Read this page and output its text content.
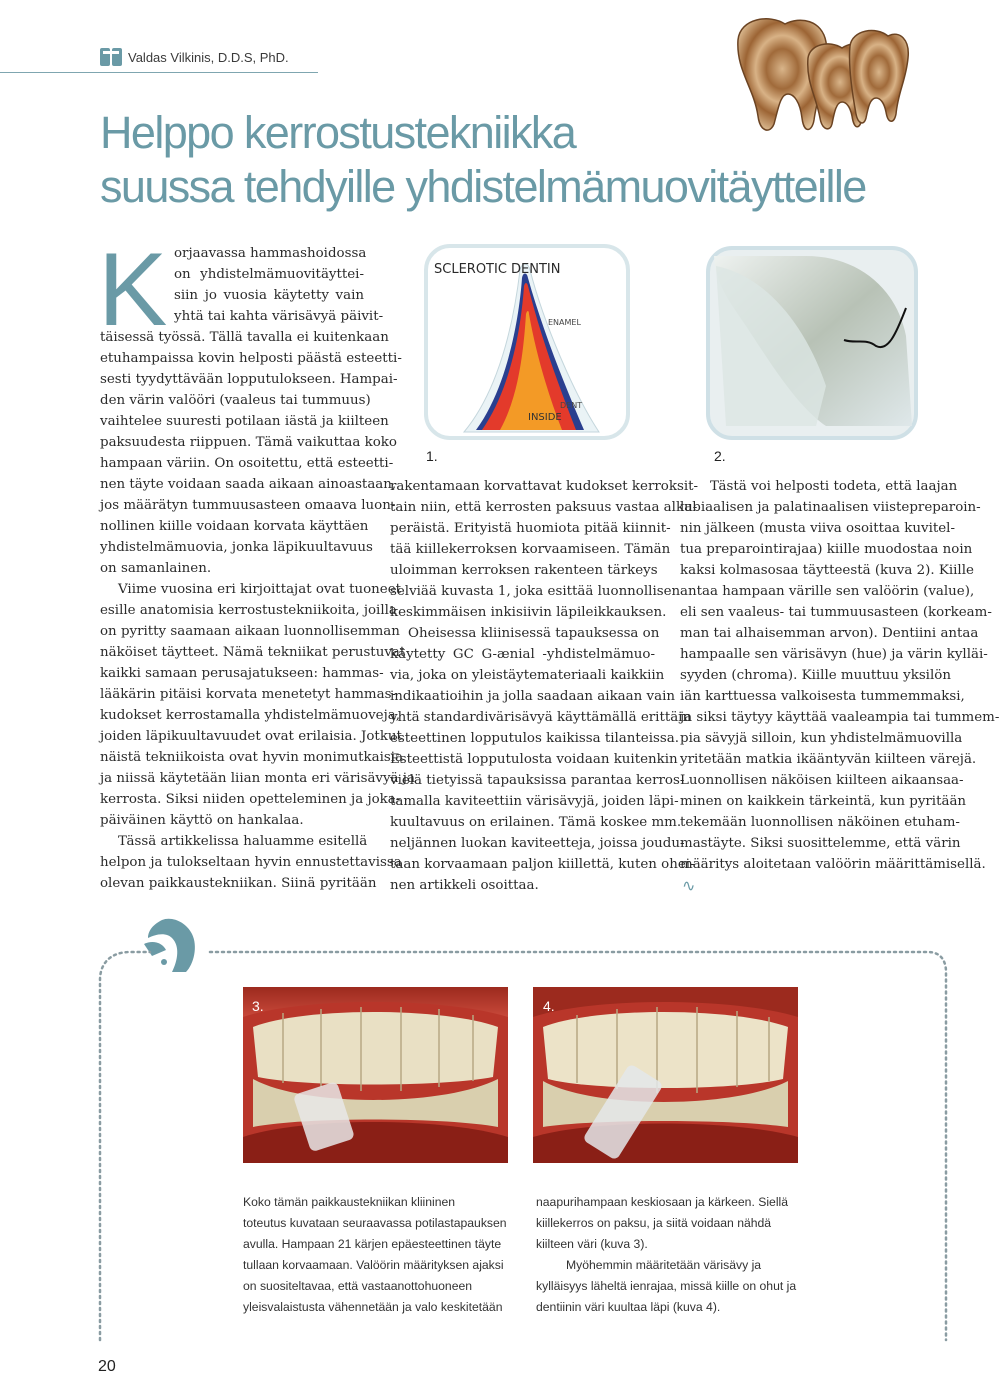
Valdas Vilkinis, D.D.S, PhD.
Helppo kerrostustekniikka
suussa tehdyille yhdistelmämuovitäytteille
K orjaavassa hammashoidossa
on yhdistelmämuovitäyttei-
siin jo vuosia käytetty vain
yhtä tai kahta värisävyä päivit-
täisessä työssä. Tällä tavalla ei kuitenkaan
etuhampaissa kovin helposti päästä esteetti-
sesti tyydyttävään lopputulokseen. Hampai-
den värin valööri (vaaleus tai tummuus)
vaihtelee suuresti potilaan iästä ja kiilteen
paksuudesta riippuen. Tämä vaikuttaa koko
hampaan väriin. On osoitettu, että esteetti-
nen täyte voidaan saada aikaan ainoastaan,
jos määrätyn tummuusasteen omaava luon-
nollinen kiille voidaan korvata käyttäen
yhdistelmämuovia, jonka läpikuultavuus
on samanlainen.
Viime vuosina eri kirjoittajat ovat tuoneet
esille anatomisia kerrostustekniikoita, joilla
on pyritty saamaan aikaan luonnollisemman
näköiset täytteet. Nämä tekniikat perustuvat
kaikki samaan perusajatukseen: hammas-
lääkärin pitäisi korvata menetetyt hammas-
kudokset kerrostamalla yhdistelmämuoveja,
joiden läpikuultavuudet ovat erilaisia. Jotkut
näistä tekniikoista ovat hyvin monimutkaisia
ja niissä käytetään liian monta eri värisävyä ja
kerrosta. Siksi niiden opetteleminen ja joka-
päiväinen käyttö on hankalaa.
Tässä artikkelissa haluamme esitellä
helpon ja tulokseltaan hyvin ennustettavissa
olevan paikkaustekniikan. Siinä pyritään
SCLEROTIC DENTIN
ENAMEL
DENT
INSIDE
1.	2.
rakentamaan korvattavat kudokset kerroksit-
tain niin, että kerrosten paksuus vastaa alku-
peräistä. Erityistä huomiota pitää kiinnit-
tää kiillekerroksen korvaamiseen. Tämän
uloimman kerroksen rakenteen tärkeys
selviää kuvasta 1, joka esittää luonnollisen
keskimmäisen inkisiivin läpileikkauksen.
Oheisessa kliinisessä tapauksessa on
käytetty GC G-ænial -yhdistelmämuo-
via, joka on yleistäytemateriaali kaikkiin
indikaatioihin ja jolla saadaan aikaan vain
yhtä standardivärisävyä käyttämällä erittäin
esteettinen lopputulos kaikissa tilanteissa.
Esteettistä lopputulosta voidaan kuitenkin
vielä tietyissä tapauksissa parantaa kerros-
tamalla kaviteettiin värisävyjä, joiden läpi-
kuultavuus on erilainen. Tämä koskee mm.
neljännen luokan kaviteetteja, joissa joudu-
taan korvaamaan paljon kiillettä, kuten ohei-
nen artikkeli osoittaa.
Tästä voi helposti todeta, että laajan
labiaalisen ja palatinaalisen viistepreparoin-
nin jälkeen (musta viiva osoittaa kuvitel-
tua preparointirajaa) kiille muodostaa noin
kaksi kolmasosaa täytteestä (kuva 2). Kiille
antaa hampaan värille sen valöörin (value),
eli sen vaaleus- tai tummuusasteen (korkeam-
man tai alhaisemman arvon). Dentiini antaa
hampaalle sen värisävyn (hue) ja värin kylläi-
syyden (chroma). Kiille muuttuu yksilön
iän karttuessa valkoisesta tummemmaksi,
ja siksi täytyy käyttää vaaleampia tai tummem-
pia sävyjä silloin, kun yhdistelmämuovilla
yritetään matkia ikääntyvän kiilteen värejä.
Luonnollisen näköisen kiilteen aikaansaa-
minen on kaikkein tärkeintä, kun pyritään
tekemään luonnollisen näköinen etuham-
mastäyte. Siksi suosittelemme, että värin
määritys aloitetaan valöörin määrittämisellä.
∿
3.	4.
Koko tämän paikkaustekniikan kliininen
toteutus kuvataan seuraavassa potilastapauksen
avulla. Hampaan 21 kärjen epäesteettinen täyte
tullaan korvaamaan. Valöörin määrityksen ajaksi
on suositeltavaa, että vastaanottohuoneen
yleisvalaistusta vähennetään ja valo keskitetään
naapurihampaan keskiosaan ja kärkeen. Siellä
kiillekerros on paksu, ja siitä voidaan nähdä
kiilteen väri (kuva 3).
Myöhemmin määritetään värisävy ja
kylläisyys läheltä ienrajaa, missä kiille on ohut ja
dentiinin väri kuultaa läpi (kuva 4).
20
